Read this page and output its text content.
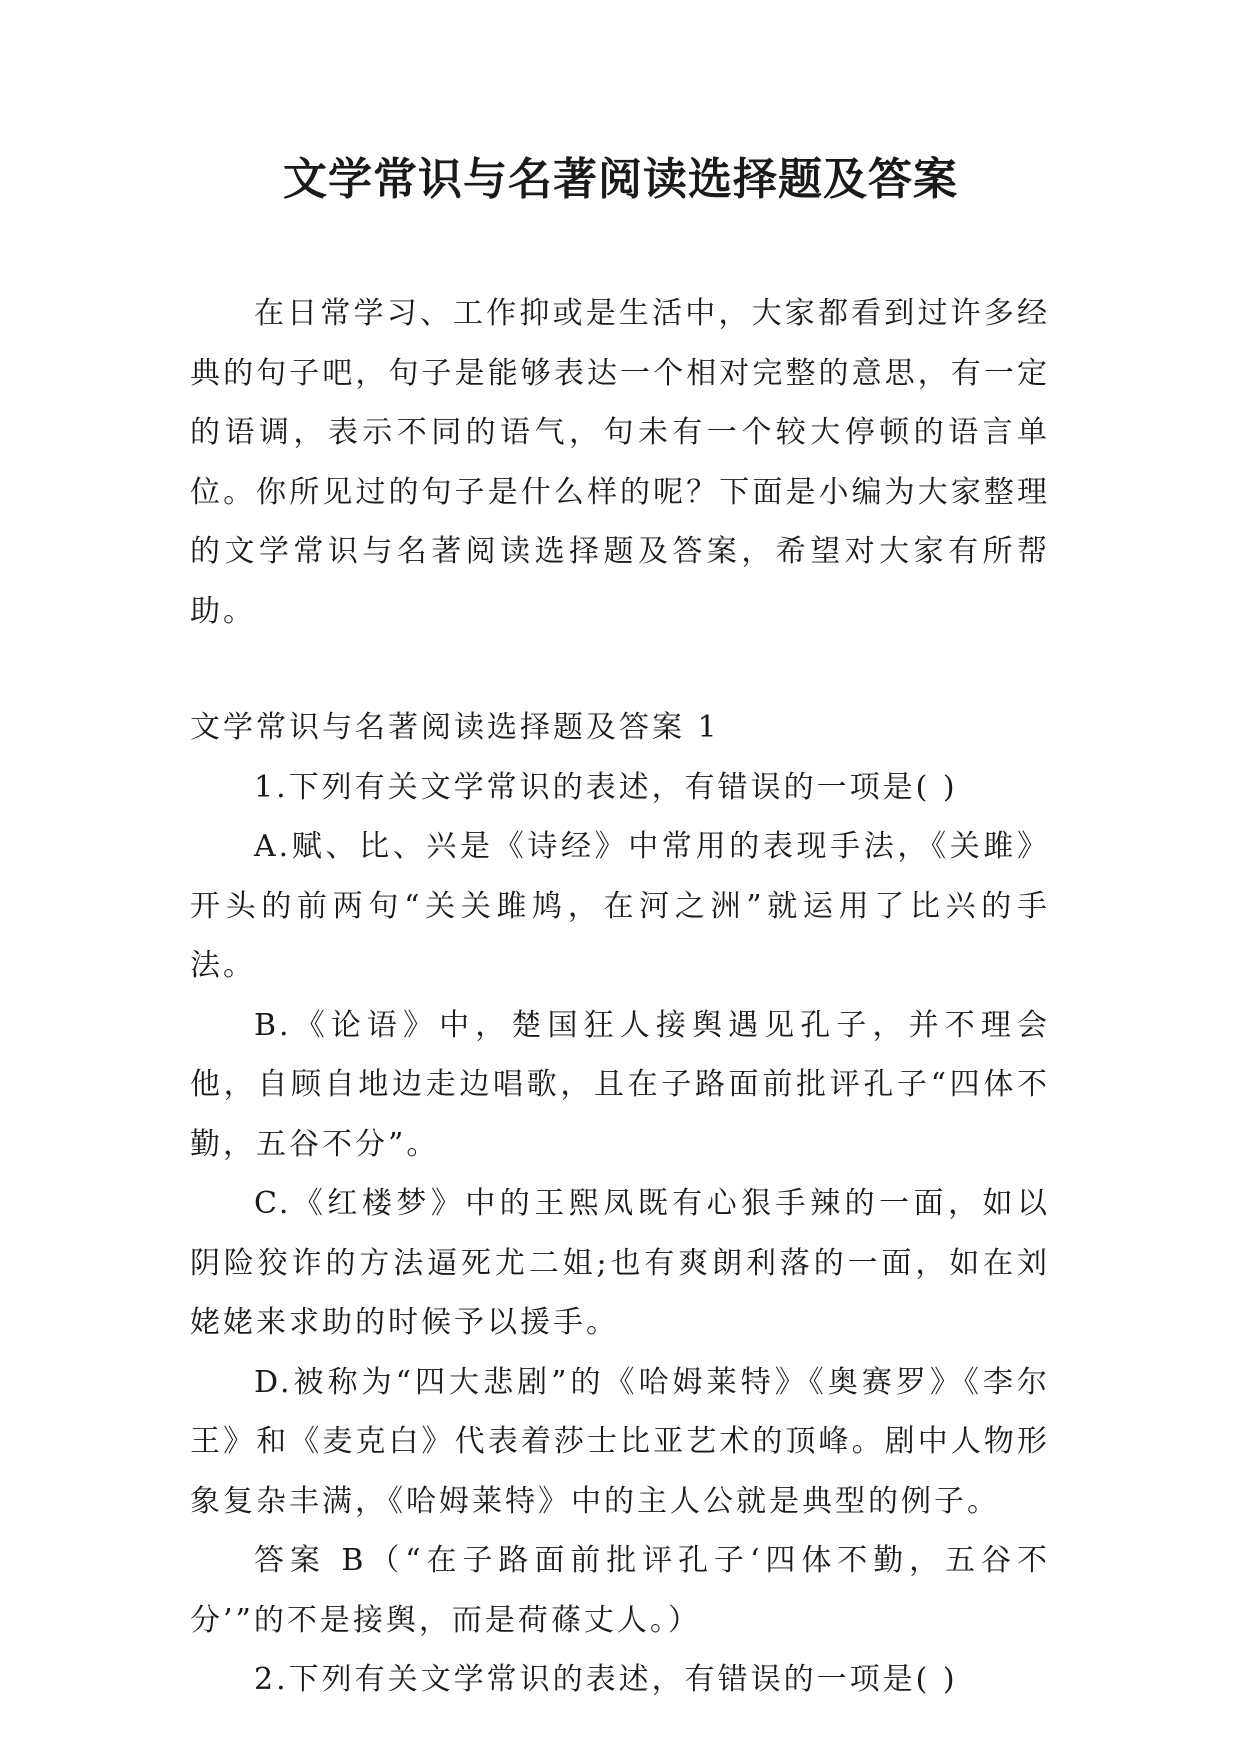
文学常识与名著阅读选择题及答案

在日常学习、工作抑或是生活中，大家都看到过许多经典的句子吧，句子是能够表达一个相对完整的意思，有一定的语调，表示不同的语气，句未有一个较大停顿的语言单位。你所见过的句子是什么样的呢？下面是小编为大家整理的文学常识与名著阅读选择题及答案，希望对大家有所帮助。

文学常识与名著阅读选择题及答案 1

1.下列有关文学常识的表述，有错误的一项是( )

A.赋、比、兴是《诗经》中常用的表现手法，《关雎》开头的前两句“关关雎鸠，在河之洲”就运用了比兴的手法。

B.《论语》中，楚国狂人接舆遇见孔子，并不理会他，自顾自地边走边唱歌，且在子路面前批评孔子“四体不勤，五谷不分”。

C.《红楼梦》中的王熙凤既有心狠手辣的一面，如以阴险狡诈的方法逼死尤二姐;也有爽朗利落的一面，如在刘姥姥来求助的时候予以援手。

D.被称为“四大悲剧”的《哈姆莱特》《奥赛罗》《李尔王》和《麦克白》代表着莎士比亚艺术的顶峰。剧中人物形象复杂丰满，《哈姆莱特》中的主人公就是典型的例子。

答案 B（“在子路面前批评孔子‘四体不勤，五谷不分’”的不是接舆，而是荷蓧丈人。）

2.下列有关文学常识的表述，有错误的一项是( )
